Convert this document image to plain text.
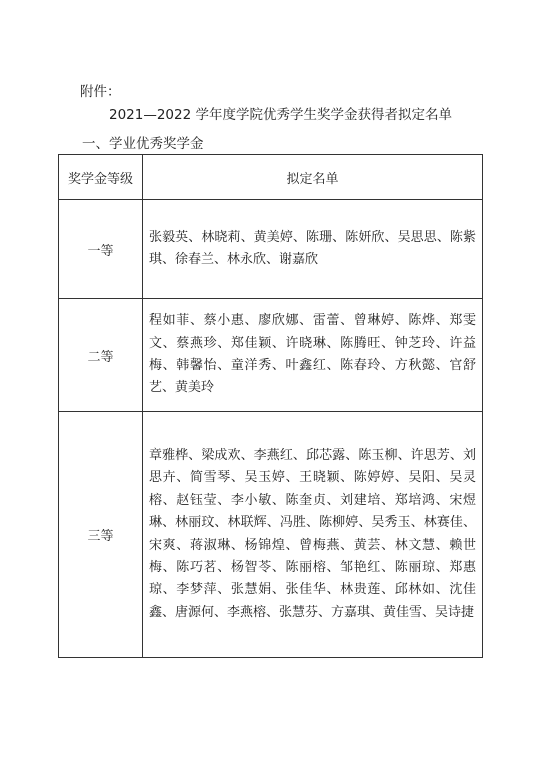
附件：
2021—2022 学年度学院优秀学生奖学金获得者拟定名单
一、学业优秀奖学金
奖学金等级	拟定名单
一等	张毅英、林晓莉、黄美婷、陈珊、陈妍欣、吴思思、陈紫琪、徐春兰、林永欣、谢嘉欣
二等	程如菲、蔡小惠、廖欣娜、雷蕾、曾琳婷、陈烨、郑雯文、蔡燕珍、郑佳颖、许晓琳、陈腾旺、钟芝玲、许益梅、韩馨怡、童洋秀、叶鑫红、陈春玲、方秋懿、官舒艺、黄美玲
三等	章雅桦、梁成欢、李燕红、邱芯露、陈玉柳、许思芳、刘思卉、简雪琴、吴玉婷、王晓颖、陈婷婷、吴阳、吴灵榕、赵钰莹、李小敏、陈奎贞、刘建培、郑培鸿、宋煜琳、林丽玟、林联辉、冯胜、陈柳婷、吴秀玉、林赛佳、宋爽、蒋淑琳、杨锦煌、曾梅燕、黄芸、林文慧、赖世梅、陈巧茗、杨智苓、陈丽榕、邹艳红、陈丽琼、郑惠琼、李梦萍、张慧娟、张佳华、林贵莲、邱林如、沈佳鑫、唐源何、李燕榕、张慧芬、方嘉琪、黄佳雪、吴诗捷
